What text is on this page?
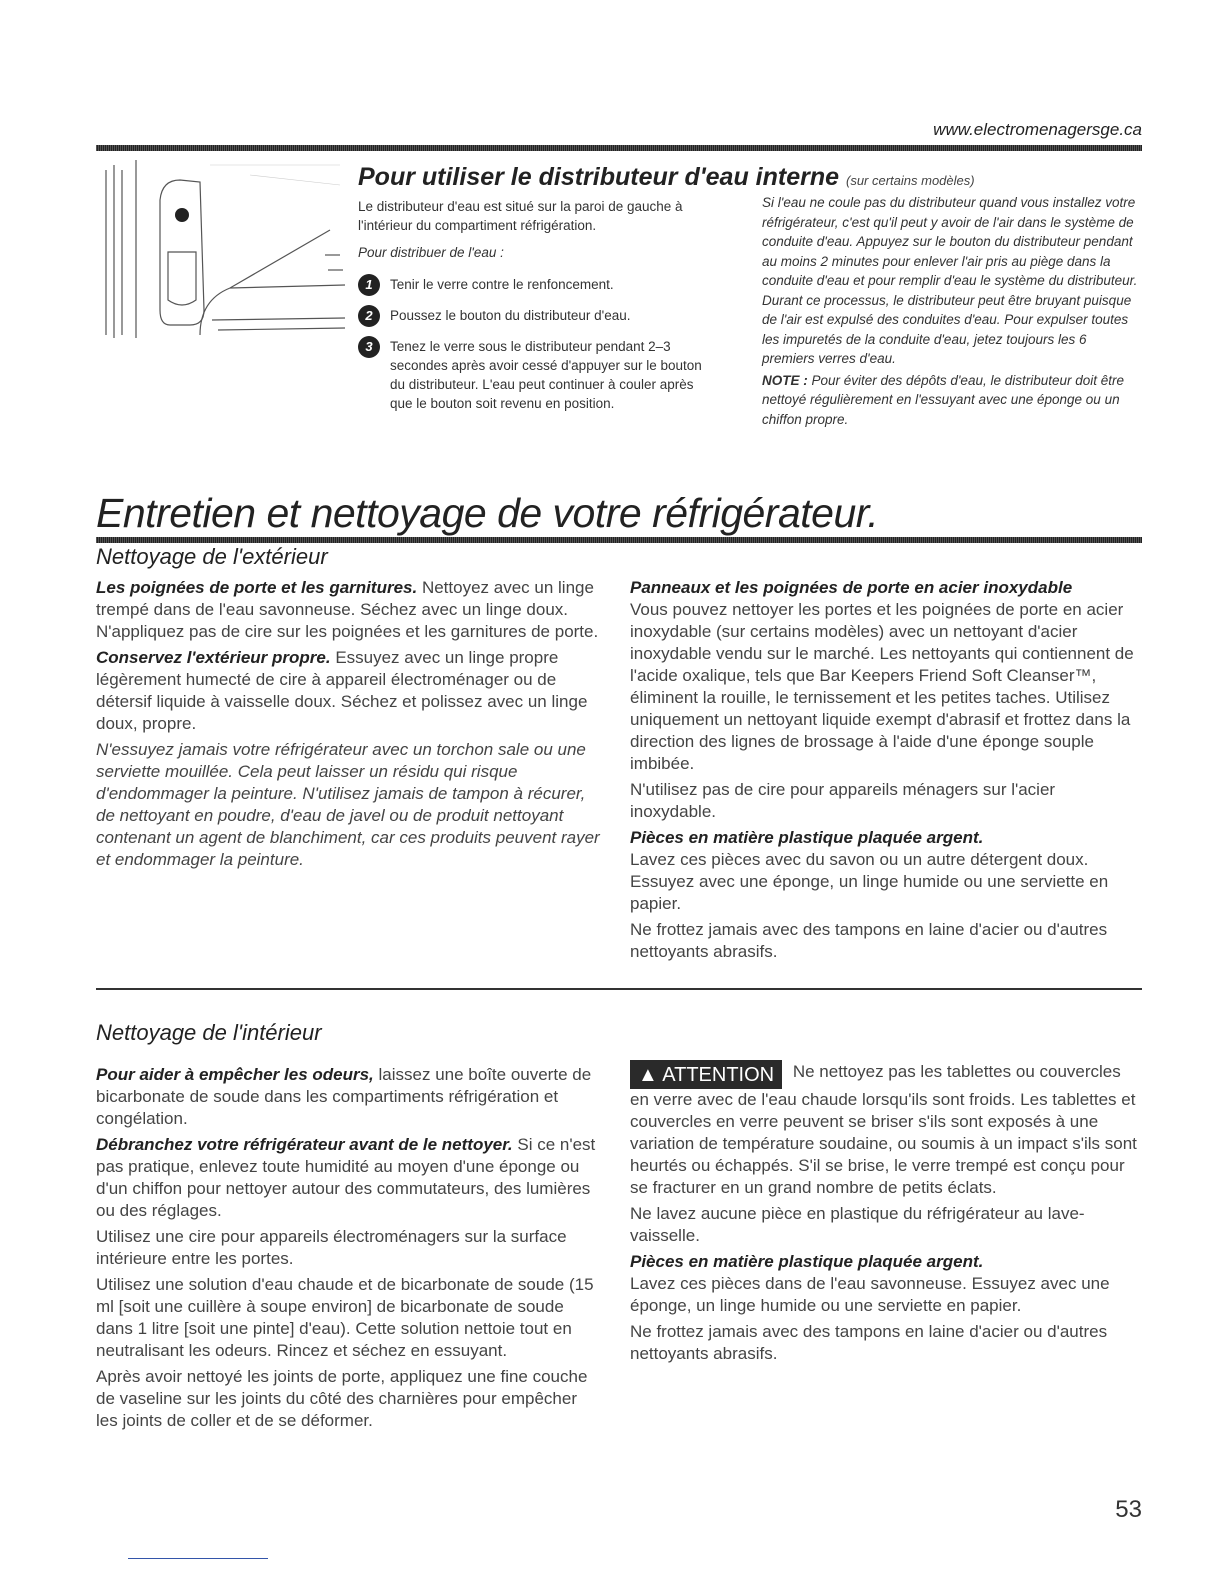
www.electromenagersge.ca
Pour utiliser le distributeur d'eau interne (sur certains modèles)
Le distributeur d'eau est situé sur la paroi de gauche à l'intérieur du compartiment réfrigération.
Pour distribuer de l'eau :
1	Tenir le verre contre le renfoncement.
2	Poussez le bouton du distributeur d'eau.
3	Tenez le verre sous le distributeur pendant 2–3 secondes après avoir cessé d'appuyer sur le bouton du distributeur. L'eau peut continuer à couler après que le bouton soit revenu en position.
Si l'eau ne coule pas du distributeur quand vous installez votre réfrigérateur, c'est qu'il peut y avoir de l'air dans le système de conduite d'eau. Appuyez sur le bouton du distributeur pendant au moins 2 minutes pour enlever l'air pris au piège dans la conduite d'eau et pour remplir d'eau le système du distributeur. Durant ce processus, le distributeur peut être bruyant puisque de l'air est expulsé des conduites d'eau. Pour expulser toutes les impuretés de la conduite d'eau, jetez toujours les 6 premiers verres d'eau.
NOTE : Pour éviter des dépôts d'eau, le distributeur doit être nettoyé régulièrement en l'essuyant avec une éponge ou un chiffon propre.
Entretien et nettoyage de votre réfrigérateur.
Nettoyage de l'extérieur

Les poignées de porte et les garnitures. Nettoyez avec un linge trempé dans de l'eau savonneuse. Séchez avec un linge doux. N'appliquez pas de cire sur les poignées et les garnitures de porte.

Conservez l'extérieur propre. Essuyez avec un linge propre légèrement humecté de cire à appareil électroménager ou de détersif liquide à vaisselle doux. Séchez et polissez avec un linge doux, propre.

N'essuyez jamais votre réfrigérateur avec un torchon sale ou une serviette mouillée. Cela peut laisser un résidu qui risque d'endommager la peinture. N'utilisez jamais de tampon à récurer, de nettoyant en poudre, d'eau de javel ou de produit nettoyant contenant un agent de blanchiment, car ces produits peuvent rayer et endommager la peinture.

Panneaux et les poignées de porte en acier inoxydable

Vous pouvez nettoyer les portes et les poignées de porte en acier inoxydable (sur certains modèles) avec un nettoyant d'acier inoxydable vendu sur le marché. Les nettoyants qui contiennent de l'acide oxalique, tels que Bar Keepers Friend Soft Cleanser™, éliminent la rouille, le ternissement et les petites taches. Utilisez uniquement un nettoyant liquide exempt d'abrasif et frottez dans la direction des lignes de brossage à l'aide d'une éponge souple imbibée.

N'utilisez pas de cire pour appareils ménagers sur l'acier inoxydable.

Pièces en matière plastique plaquée argent.

Lavez ces pièces avec du savon ou un autre détergent doux. Essuyez avec une éponge, un linge humide ou une serviette en papier.

Ne frottez jamais avec des tampons en laine d'acier ou d'autres nettoyants abrasifs.

Nettoyage de l'intérieur

Pour aider à empêcher les odeurs, laissez une boîte ouverte de bicarbonate de soude dans les compartiments réfrigération et congélation.

Débranchez votre réfrigérateur avant de le nettoyer. Si ce n'est pas pratique, enlevez toute humidité au moyen d'une éponge ou d'un chiffon pour nettoyer autour des commutateurs, des lumières ou des réglages.

Utilisez une cire pour appareils électroménagers sur la surface intérieure entre les portes.

Utilisez une solution d'eau chaude et de bicarbonate de soude (15 ml [soit une cuillère à soupe environ] de bicarbonate de soude dans 1 litre [soit une pinte] d'eau). Cette solution nettoie tout en neutralisant les odeurs. Rincez et séchez en essuyant.

Après avoir nettoyé les joints de porte, appliquez une fine couche de vaseline sur les joints du côté des charnières pour empêcher les joints de coller et de se déformer.

▲ ATTENTION Ne nettoyez pas les tablettes ou couvercles en verre avec de l'eau chaude lorsqu'ils sont froids. Les tablettes et couvercles en verre peuvent se briser s'ils sont exposés à une variation de température soudaine, ou soumis à un impact s'ils sont heurtés ou échappés. S'il se brise, le verre trempé est conçu pour se fracturer en un grand nombre de petits éclats.

Ne lavez aucune pièce en plastique du réfrigérateur au lave-vaisselle.

Pièces en matière plastique plaquée argent.

Lavez ces pièces dans de l'eau savonneuse. Essuyez avec une éponge, un linge humide ou une serviette en papier.

Ne frottez jamais avec des tampons en laine d'acier ou d'autres nettoyants abrasifs.

53
